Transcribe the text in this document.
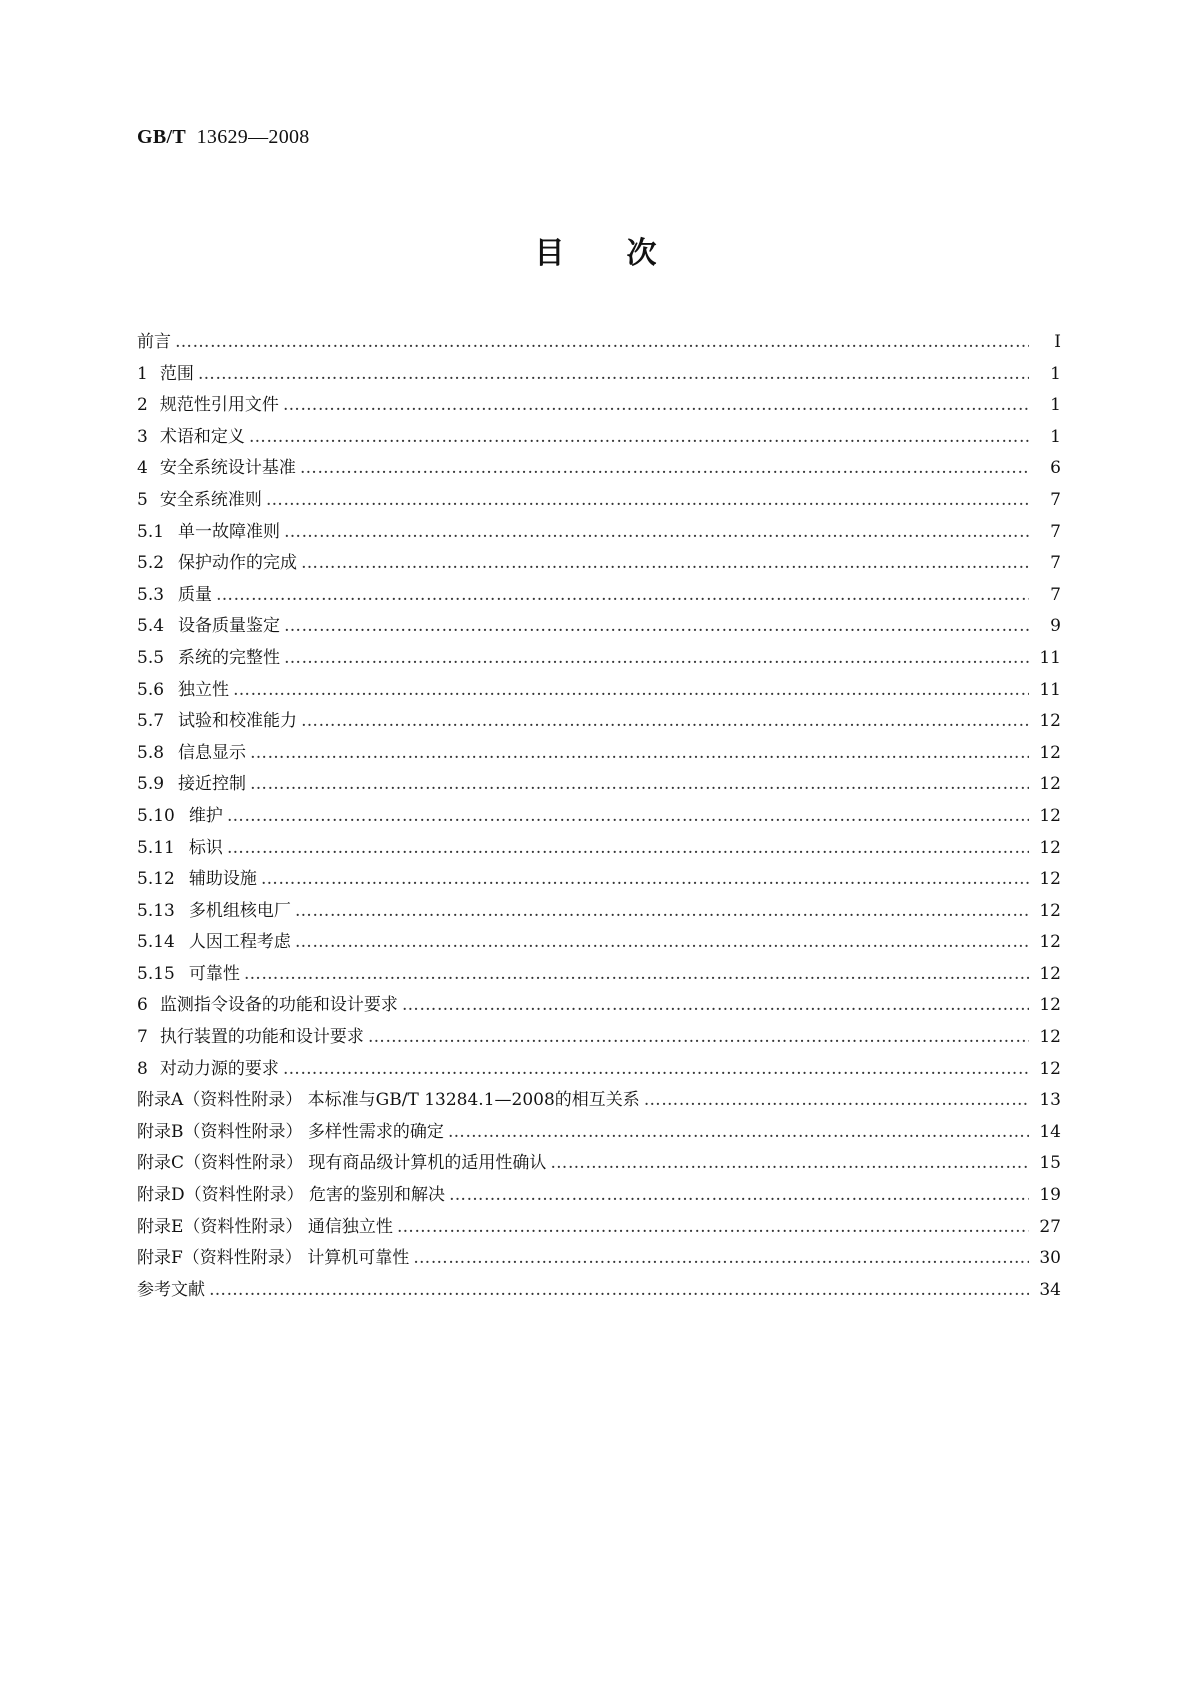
GB/T 13629—2008
目次
前言 ……………………………………………………………………………………………………………………………………………………………………………………………………………………	I
1 范围 ……………………………………………………………………………………………………………………………………………………………………………………………………………………	1
2 规范性引用文件 ……………………………………………………………………………………………………………………………………………………………………………………………………………………	1
3 术语和定义 ……………………………………………………………………………………………………………………………………………………………………………………………………………………	1
4 安全系统设计基准 ……………………………………………………………………………………………………………………………………………………………………………………………………………………	6
5 安全系统准则 ……………………………………………………………………………………………………………………………………………………………………………………………………………………	7
5.1 单一故障准则 ……………………………………………………………………………………………………………………………………………………………………………………………………………………	7
5.2 保护动作的完成 ……………………………………………………………………………………………………………………………………………………………………………………………………………………	7
5.3 质量 ……………………………………………………………………………………………………………………………………………………………………………………………………………………	7
5.4 设备质量鉴定 ……………………………………………………………………………………………………………………………………………………………………………………………………………………	9
5.5 系统的完整性 ……………………………………………………………………………………………………………………………………………………………………………………………………………………	11
5.6 独立性 ……………………………………………………………………………………………………………………………………………………………………………………………………………………	11
5.7 试验和校准能力 ……………………………………………………………………………………………………………………………………………………………………………………………………………………	12
5.8 信息显示 ……………………………………………………………………………………………………………………………………………………………………………………………………………………	12
5.9 接近控制 ……………………………………………………………………………………………………………………………………………………………………………………………………………………	12
5.10 维护 ……………………………………………………………………………………………………………………………………………………………………………………………………………………	12
5.11 标识 ……………………………………………………………………………………………………………………………………………………………………………………………………………………	12
5.12 辅助设施 ……………………………………………………………………………………………………………………………………………………………………………………………………………………	12
5.13 多机组核电厂 ……………………………………………………………………………………………………………………………………………………………………………………………………………………	12
5.14 人因工程考虑 ……………………………………………………………………………………………………………………………………………………………………………………………………………………	12
5.15 可靠性 ……………………………………………………………………………………………………………………………………………………………………………………………………………………	12
6 监测指令设备的功能和设计要求 ……………………………………………………………………………………………………………………………………………………………………………………………………………………	12
7 执行装置的功能和设计要求 ……………………………………………………………………………………………………………………………………………………………………………………………………………………	12
8 对动力源的要求 ……………………………………………………………………………………………………………………………………………………………………………………………………………………	12
附录A（资料性附录） 本标准与GB/T 13284.1—2008的相互关系 ……………………………………………………………………………………………………………………………………………………………………………………………………………………	13
附录B（资料性附录） 多样性需求的确定 ……………………………………………………………………………………………………………………………………………………………………………………………………………………	14
附录C（资料性附录） 现有商品级计算机的适用性确认 ……………………………………………………………………………………………………………………………………………………………………………………………………………………	15
附录D（资料性附录） 危害的鉴别和解决 ……………………………………………………………………………………………………………………………………………………………………………………………………………………	19
附录E（资料性附录） 通信独立性 ……………………………………………………………………………………………………………………………………………………………………………………………………………………	27
附录F（资料性附录） 计算机可靠性 ……………………………………………………………………………………………………………………………………………………………………………………………………………………	30
参考文献 ……………………………………………………………………………………………………………………………………………………………………………………………………………………	34
